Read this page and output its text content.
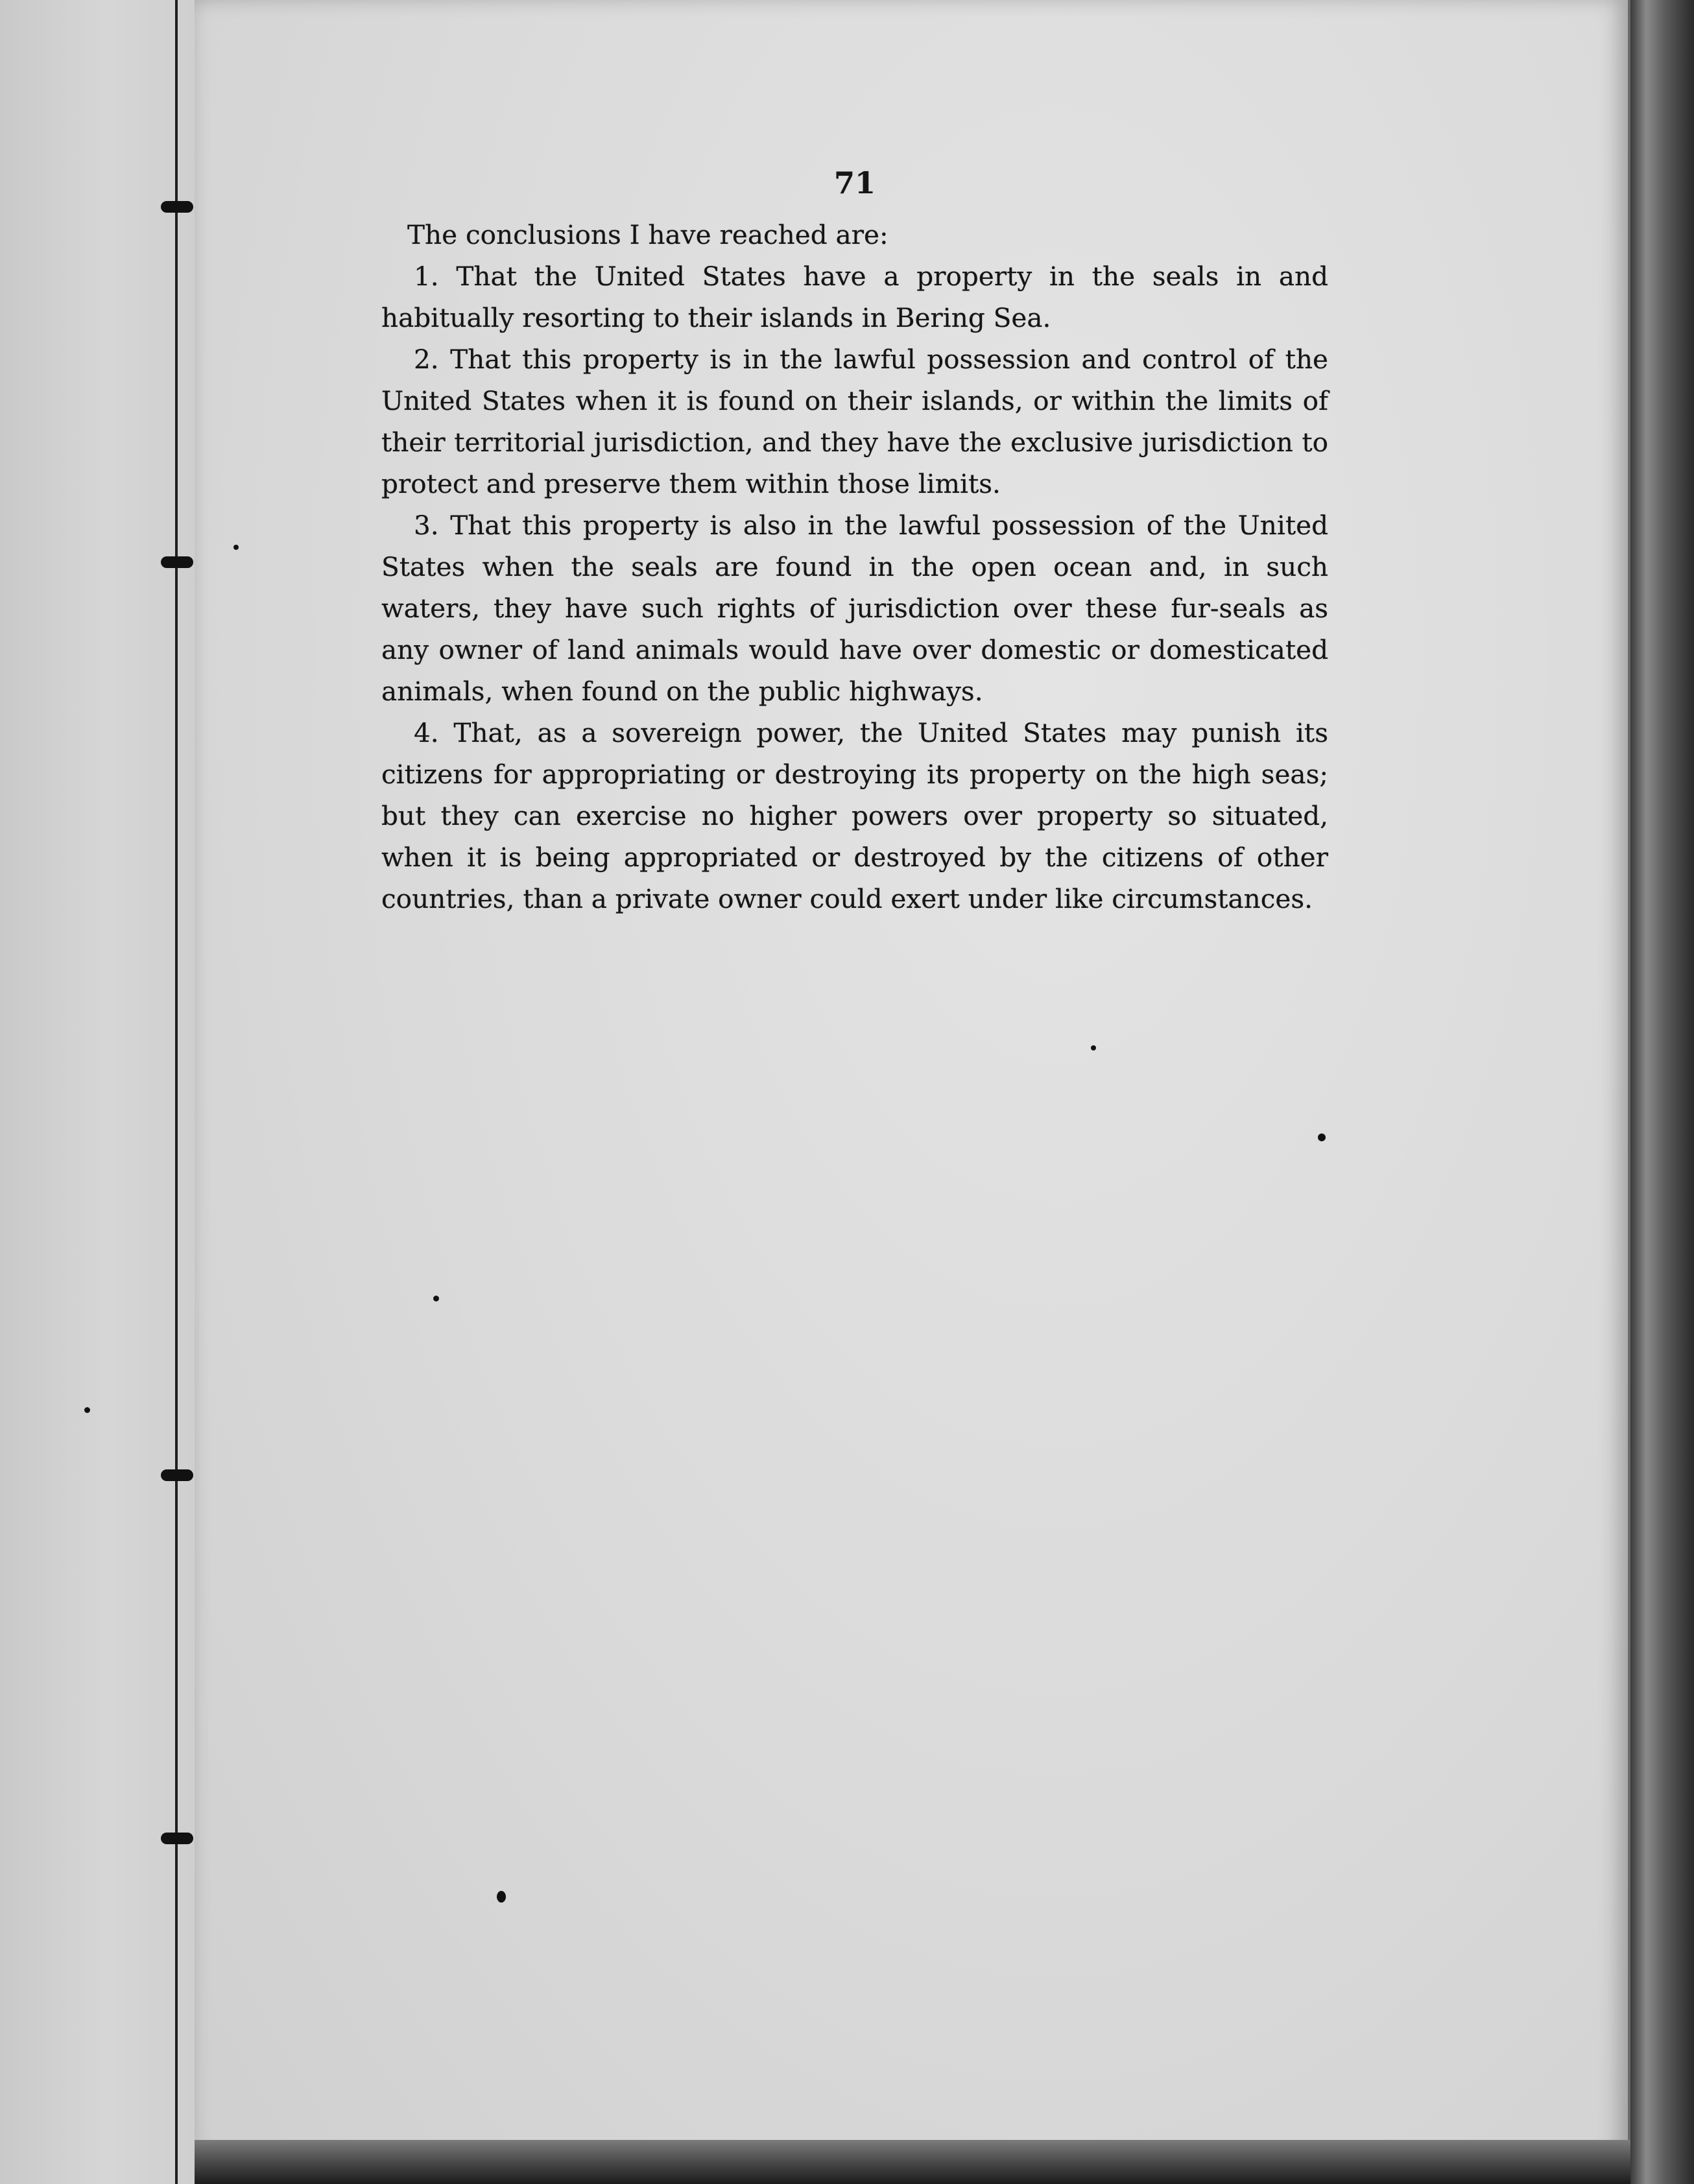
71

The conclusions I have reached are:

1. That the United States have a property in the seals in and habitually resorting to their islands in Bering Sea.

2. That this property is in the lawful possession and control of the United States when it is found on their islands, or within the limits of their territorial jurisdiction, and they have the exclusive jurisdiction to protect and preserve them within those limits.

3. That this property is also in the lawful possession of the United States when the seals are found in the open ocean and, in such waters, they have such rights of jurisdiction over these fur-seals as any owner of land animals would have over domestic or domesticated animals, when found on the public highways.

4. That, as a sovereign power, the United States may punish its citizens for appropriating or destroying its property on the high seas; but they can exercise no higher powers over property so situated, when it is being appropriated or destroyed by the citizens of other countries, than a private owner could exert under like circumstances.
